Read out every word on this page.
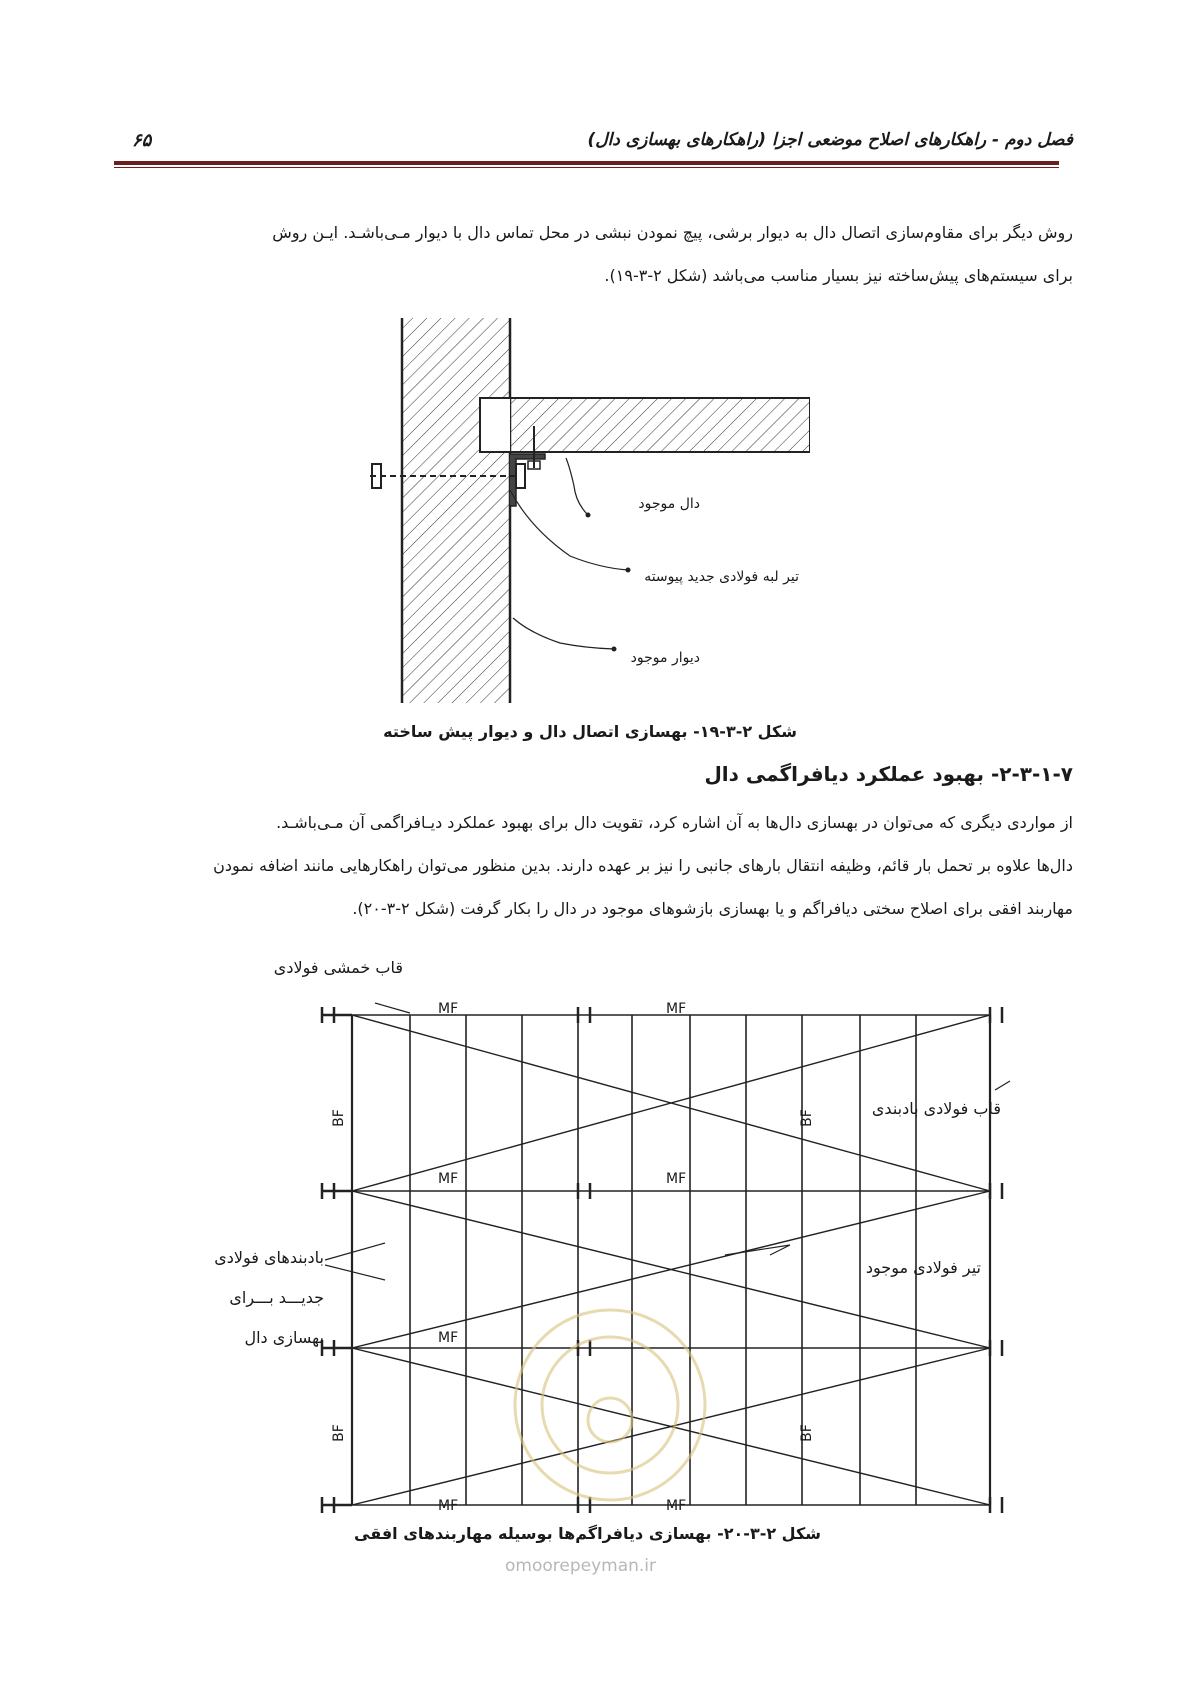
فصل دوم - راهکارهای اصلاح موضعی اجزا (راهکارهای بهسازی دال)
۶۵
روش دیگر برای مقاوم‌سازی اتصال دال به دیوار برشی، پیچ نمودن نبشی در محل تماس دال با دیوار مـی‌باشـد. ایـن روش
برای سیستم‌های پیش‌ساخته نیز بسیار مناسب می‌باشد (شکل ۲-۳-۱۹).
دال موجود
تیر لبه فولادی جدید پیوسته
دیوار موجود
شکل ۲-۳-۱۹- بهسازی اتصال دال و دیوار پیش ساخته
۲-۳-۱-۷- بهبود عملکرد دیافراگمی دال
از مواردی دیگری که می‌توان در بهسازی دال‌ها به آن اشاره کرد، تقویت دال برای بهبود عملکرد دیـافراگمی آن مـی‌باشـد.
دال‌ها علاوه بر تحمل بار قائم، وظیفه انتقال بارهای جانبی را نیز بر عهده دارند. بدین منظور می‌توان راهکارهایی مانند اضافه نمودن
مهاربند افقی برای اصلاح سختی دیافراگم و یا بهسازی بازشوهای موجود در دال را بکار گرفت (شکل ۲-۳-۲۰).
MF	MF
MF	MF
MF
MF	MF
BF	BF
BF	BF
قاب خمشی فولادی
قاب فولادی بادبندی
بادبندهای فولادی
جدیـــد بـــرای
بهسازی دال
تیر فولادی موجود
شکل ۲-۳-۲۰- بهسازی دیافراگم‌ها بوسیله مهاربندهای افقی
omoorepeyman.ir
